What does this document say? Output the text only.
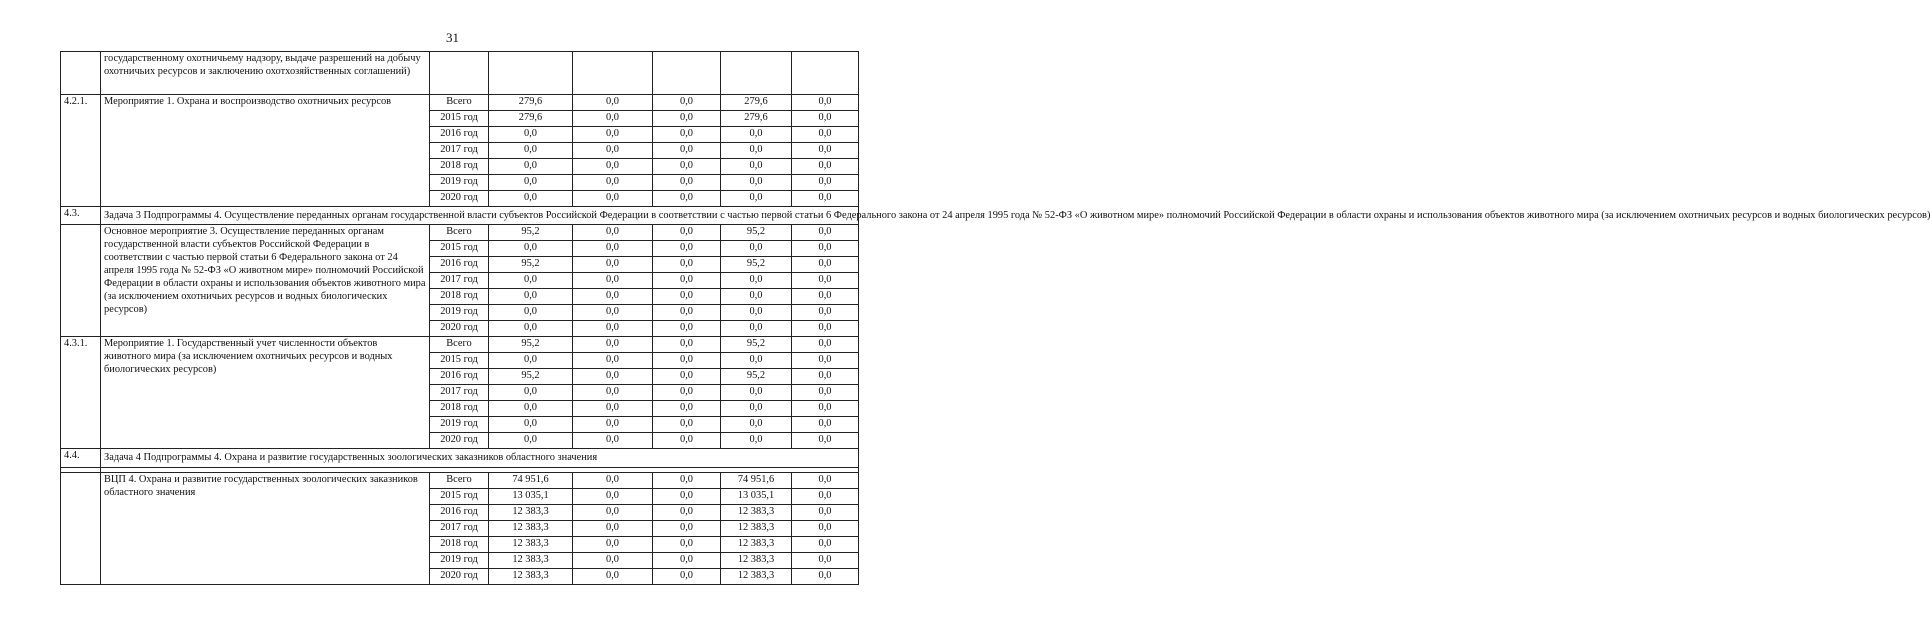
31
	государственному охотничьему надзору, выдаче разрешений на добычу охотничьих ресурсов и заключению охотхозяйственных соглашений)						
4.2.1.	Мероприятие 1. Охрана и воспроизводство охотничьих ресурсов	Всего	279,6	0,0	0,0	279,6	0,0
		2015 год	279,6	0,0	0,0	279,6	0,0
		2016 год	0,0	0,0	0,0	0,0	0,0
		2017 год	0,0	0,0	0,0	0,0	0,0
		2018 год	0,0	0,0	0,0	0,0	0,0
		2019 год	0,0	0,0	0,0	0,0	0,0
		2020 год	0,0	0,0	0,0	0,0	0,0
4.3.	Задача 3 Подпрограммы 4. Осуществление переданных органам государственной власти субъектов Российской Федерации в соответствии с частью первой статьи 6 Федерального закона от 24 апреля 1995 года № 52-ФЗ «О животном мире» полномочий Российской Федерации в области охраны и использования объектов животного мира (за исключением охотничьих ресурсов и водных биологических ресурсов)						
	Основное мероприятие 3. Осуществление переданных органам государственной власти субъектов Российской Федерации в соответствии с частью первой статьи 6 Федерального закона от 24 апреля 1995 года № 52-ФЗ «О животном мире» полномочий Российской Федерации в области охраны и использования объектов животного мира (за исключением охотничьих ресурсов и водных биологических ресурсов)	Всего	95,2	0,0	0,0	95,2	0,0
		2015 год	0,0	0,0	0,0	0,0	0,0
		2016 год	95,2	0,0	0,0	95,2	0,0
		2017 год	0,0	0,0	0,0	0,0	0,0
		2018 год	0,0	0,0	0,0	0,0	0,0
		2019 год	0,0	0,0	0,0	0,0	0,0
		2020 год	0,0	0,0	0,0	0,0	0,0
4.3.1.	Мероприятие 1. Государственный учет численности объектов животного мира (за исключением охотничьих ресурсов и водных биологических ресурсов)	Всего	95,2	0,0	0,0	95,2	0,0
		2015 год	0,0	0,0	0,0	0,0	0,0
		2016 год	95,2	0,0	0,0	95,2	0,0
		2017 год	0,0	0,0	0,0	0,0	0,0
		2018 год	0,0	0,0	0,0	0,0	0,0
		2019 год	0,0	0,0	0,0	0,0	0,0
		2020 год	0,0	0,0	0,0	0,0	0,0
4.4.	Задача 4 Подпрограммы 4. Охрана и развитие государственных зоологических заказников областного значения						

	ВЦП 4. Охрана и развитие государственных зоологических заказников областного значения	Всего	74 951,6	0,0	0,0	74 951,6	0,0
		2015 год	13 035,1	0,0	0,0	13 035,1	0,0
		2016 год	12 383,3	0,0	0,0	12 383,3	0,0
		2017 год	12 383,3	0,0	0,0	12 383,3	0,0
		2018 год	12 383,3	0,0	0,0	12 383,3	0,0
		2019 год	12 383,3	0,0	0,0	12 383,3	0,0
		2020 год	12 383,3	0,0	0,0	12 383,3	0,0
